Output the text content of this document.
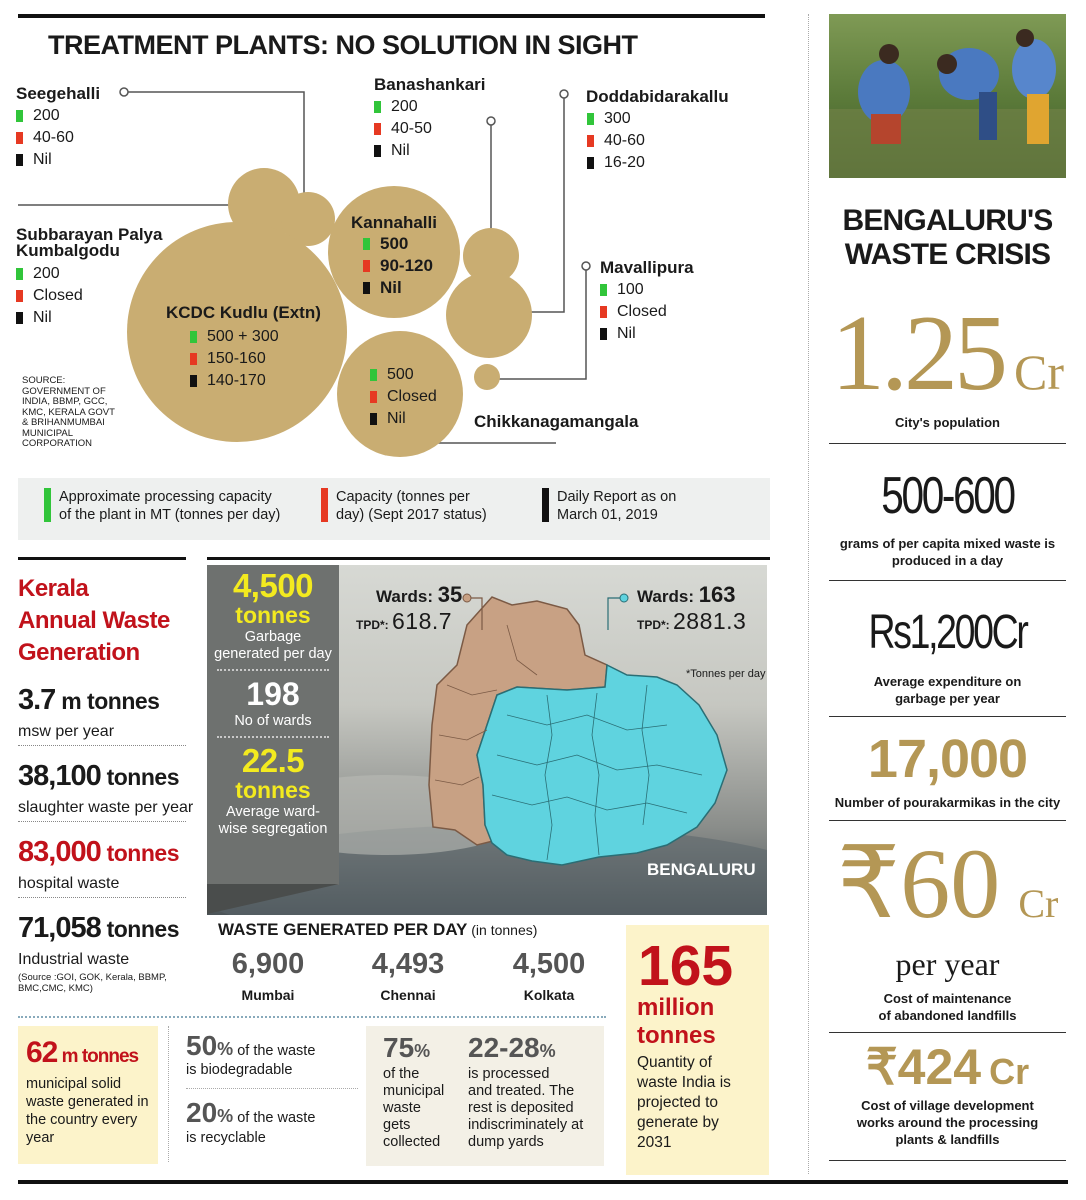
TREATMENT PLANTS: NO SOLUTION IN SIGHT
Seegehalli
200
40-60
Nil
Banashankari
200
40-50
Nil
Doddabidarakallu
300
40-60
16-20
Subbarayan Palya
Kumbalgodu
200
Closed
Nil
Kannahalli
500
90-120
Nil
Mavallipura
100
Closed
Nil
KCDC Kudlu (Extn)
500 + 300
150-160
140-170	500
Closed
Nil	Chikkanagamangala
SOURCE:
GOVERNMENT OF
INDIA, BBMP, GCC,
KMC, KERALA GOVT
& BRIHANMUMBAI
MUNICIPAL
CORPORATION
Approximate processing capacity
of the plant in MT (tonnes per day)
Capacity (tonnes per
day) (Sept 2017 status)
Daily Report as on
March 01, 2019
Kerala
Annual Waste
Generation
3.7 m tonnes
msw per year
38,100 tonnes
slaughter waste per year
83,000 tonnes
hospital waste
71,058 tonnes
Industrial waste
(Source :GOI, GOK, Kerala, BBMP,
BMC,CMC, KMC)
4,500
tonnes
Garbage
generated per day
198
No of wards
22.5
tonnes
Average ward-
wise segregation
Wards: 35
TPD*: 618.7
Wards: 163
TPD*: 2881.3
*Tonnes per day
BENGALURU
WASTE GENERATED PER DAY (in tonnes)
6,900
Mumbai
4,493
Chennai
4,500
Kolkata
62 m tonnes
municipal solid
waste generated in
the country every
year
50% of the waste
is biodegradable
20% of the waste
is recyclable
75%
of the
municipal
waste
gets
collected
22-28%
is processed
and treated. The
rest is deposited
indiscriminately at
dump yards
165
million
tonnes
Quantity of
waste India is
projected to
generate by
2031
BENGALURU'S
WASTE CRISIS
1.25 Cr
City's population
500-600
grams of per capita mixed waste is
produced in a day
Rs1,200Cr
Average expenditure on
garbage per year
17,000
Number of pourakarmikas in the city
₹60 Cr
per year
Cost of maintenance
of abandoned landfills
₹424 Cr
Cost of village development
works around the processing
plants & landfills
